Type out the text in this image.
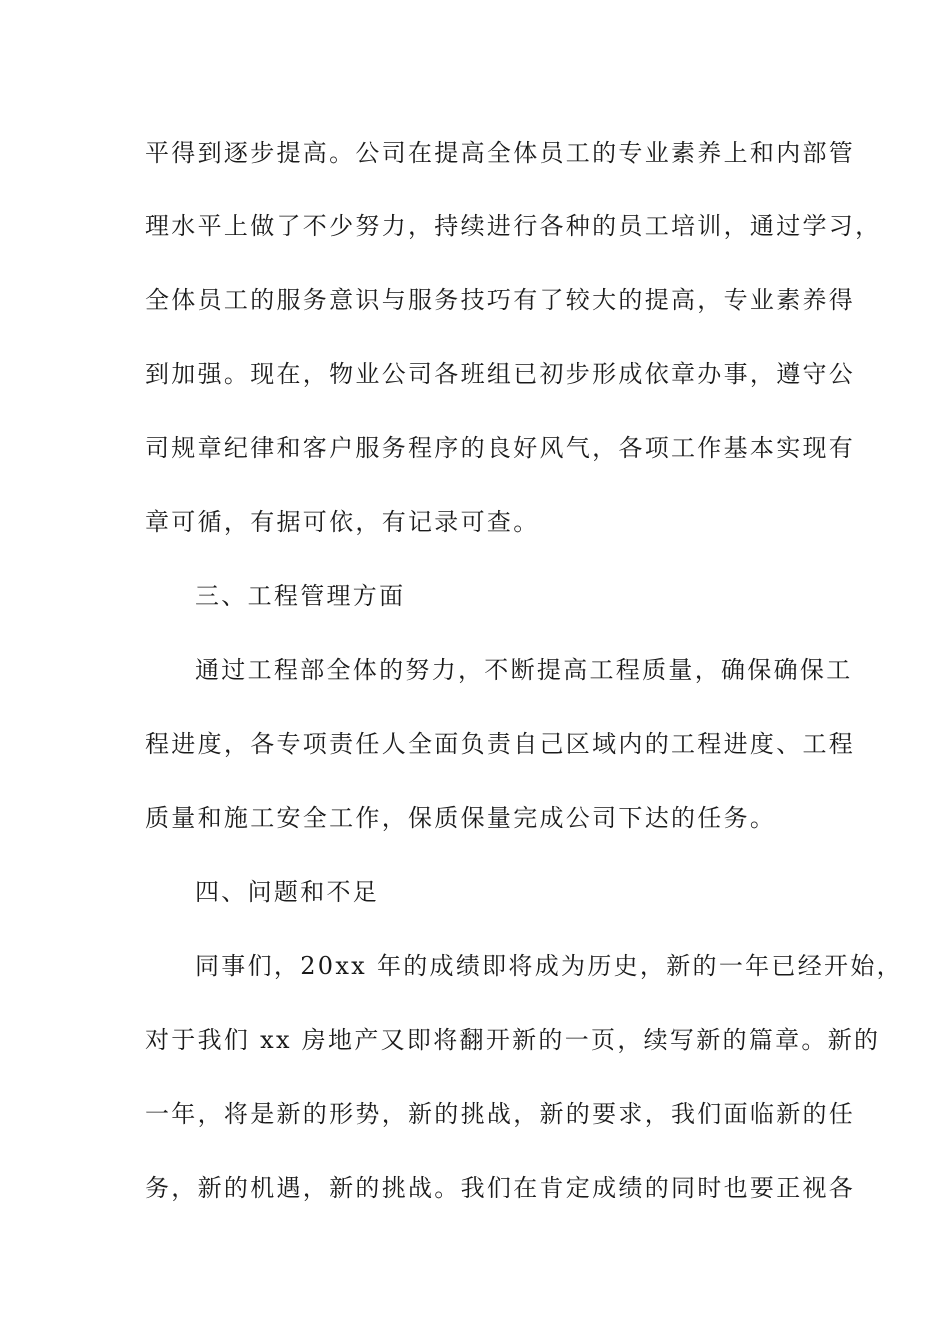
平得到逐步提高。公司在提高全体员工的专业素养上和内部管
理水平上做了不少努力，持续进行各种的员工培训，通过学习，
全体员工的服务意识与服务技巧有了较大的提高，专业素养得
到加强。现在，物业公司各班组已初步形成依章办事，遵守公
司规章纪律和客户服务程序的良好风气，各项工作基本实现有
章可循，有据可依，有记录可查。
三、工程管理方面
通过工程部全体的努力，不断提高工程质量，确保确保工
程进度，各专项责任人全面负责自己区域内的工程进度、工程
质量和施工安全工作，保质保量完成公司下达的任务。
四、问题和不足
同事们，20xx 年的成绩即将成为历史，新的一年已经开始，
对于我们 xx 房地产又即将翻开新的一页，续写新的篇章。新的
一年，将是新的形势，新的挑战，新的要求，我们面临新的任
务，新的机遇，新的挑战。我们在肯定成绩的同时也要正视各
